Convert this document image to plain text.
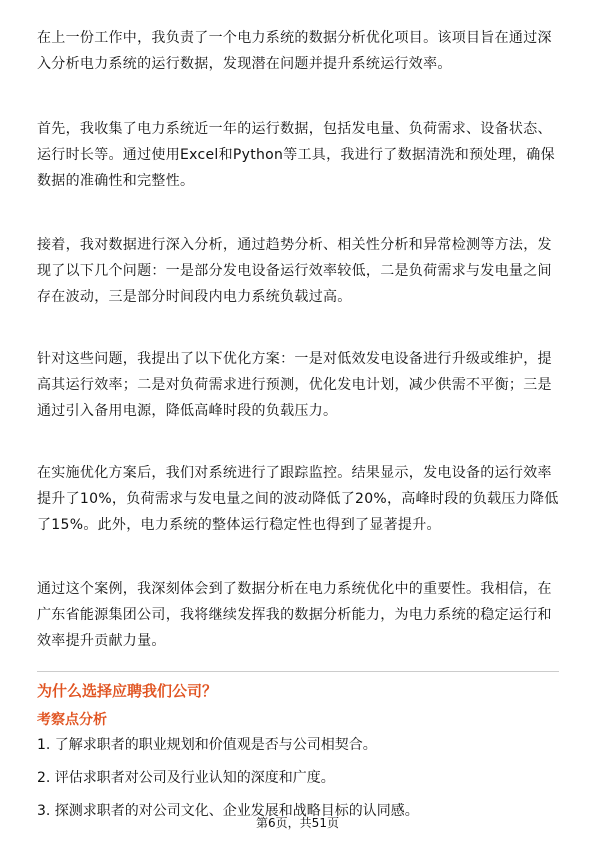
在上一份工作中，我负责了一个电力系统的数据分析优化项目。该项目旨在通过深入分析电力系统的运行数据，发现潜在问题并提升系统运行效率。

首先，我收集了电力系统近一年的运行数据，包括发电量、负荷需求、设备状态、运行时长等。通过使用Excel和Python等工具，我进行了数据清洗和预处理，确保数据的准确性和完整性。

接着，我对数据进行深入分析，通过趋势分析、相关性分析和异常检测等方法，发现了以下几个问题：一是部分发电设备运行效率较低，二是负荷需求与发电量之间存在波动，三是部分时间段内电力系统负载过高。

针对这些问题，我提出了以下优化方案：一是对低效发电设备进行升级或维护，提高其运行效率；二是对负荷需求进行预测，优化发电计划，减少供需不平衡；三是通过引入备用电源，降低高峰时段的负载压力。

在实施优化方案后，我们对系统进行了跟踪监控。结果显示，发电设备的运行效率提升了10%，负荷需求与发电量之间的波动降低了20%，高峰时段的负载压力降低了15%。此外，电力系统的整体运行稳定性也得到了显著提升。

通过这个案例，我深刻体会到了数据分析在电力系统优化中的重要性。我相信，在广东省能源集团公司，我将继续发挥我的数据分析能力，为电力系统的稳定运行和效率提升贡献力量。

为什么选择应聘我们公司？
考察点分析
1. 了解求职者的职业规划和价值观是否与公司相契合。
2. 评估求职者对公司及行业认知的深度和广度。
3. 探测求职者的对公司文化、企业发展和战略目标的认同感。
第6页，共51页
